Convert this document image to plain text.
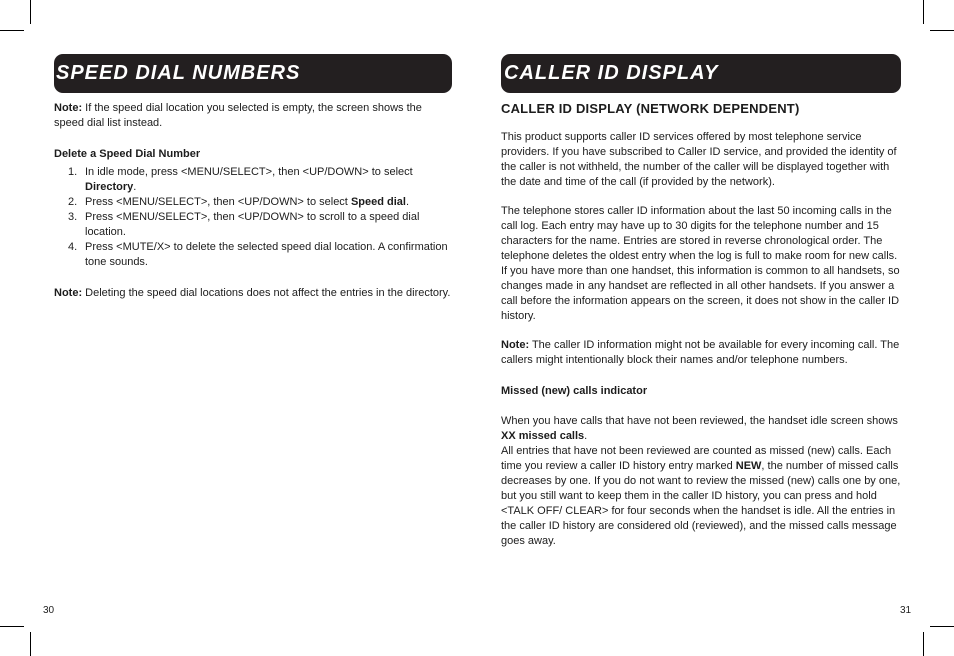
SPEED DIAL NUMBERS

Note: If the speed dial location you selected is empty, the screen shows the speed dial list instead.

Delete a Speed Dial Number

1. In idle mode, press <MENU/SELECT>, then <UP/DOWN> to select Directory.
2. Press <MENU/SELECT>, then <UP/DOWN> to select Speed dial.
3. Press <MENU/SELECT>, then <UP/DOWN> to scroll to a speed dial location.
4. Press <MUTE/X> to delete the selected speed dial location. A confirmation tone sounds.

Note: Deleting the speed dial locations does not affect the entries in the directory.

30
CALLER ID DISPLAY

CALLER ID DISPLAY (NETWORK DEPENDENT)

This product supports caller ID services offered by most telephone service providers. If you have subscribed to Caller ID service, and provided the identity of the caller is not withheld, the number of the caller will be displayed together with the date and time of the call (if provided by the network).

The telephone stores caller ID information about the last 50 incoming calls in the call log. Each entry may have up to 30 digits for the telephone number and 15 characters for the name. Entries are stored in reverse chronological order. The telephone deletes the oldest entry when the log is full to make room for new calls. If you have more than one handset, this information is common to all handsets, so changes made in any handset are reflected in all other handsets. If you answer a call before the information appears on the screen, it does not show in the caller ID history.

Note: The caller ID information might not be available for every incoming call. The callers might intentionally block their names and/or telephone numbers.

Missed (new) calls indicator

When you have calls that have not been reviewed, the handset idle screen shows XX missed calls.

All entries that have not been reviewed are counted as missed (new) calls. Each time you review a caller ID history entry marked NEW, the number of missed calls decreases by one. If you do not want to review the missed (new) calls one by one, but you still want to keep them in the caller ID history, you can press and hold <TALK OFF/ CLEAR> for four seconds when the handset is idle. All the entries in the caller ID history are considered old (reviewed), and the missed calls message goes away.

31
